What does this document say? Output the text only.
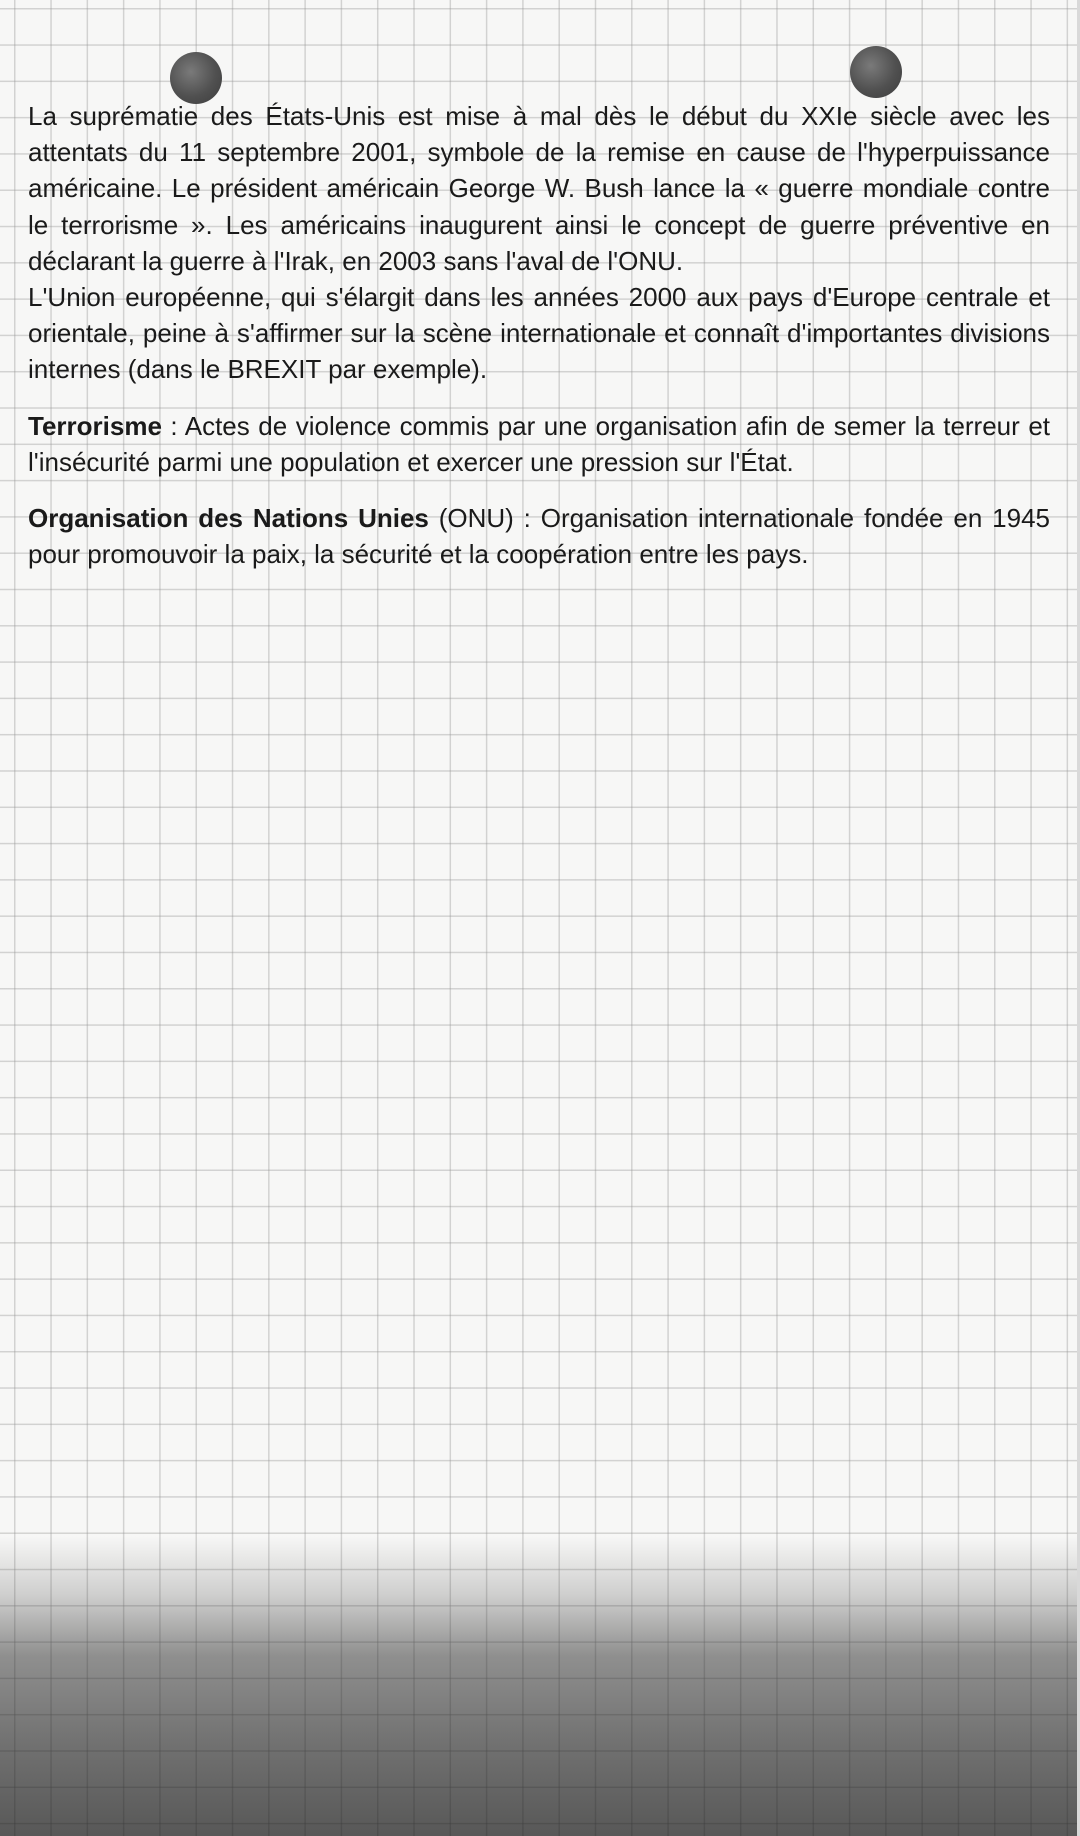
La suprématie des États-Unis est mise à mal dès le début du XXIe siècle avec les attentats du 11 septembre 2001, symbole de la remise en cause de l'hyperpuissance américaine. Le président américain George W. Bush lance la « guerre mondiale contre le terrorisme ». Les américains inaugurent ainsi le concept de guerre préventive en déclarant la guerre à l'Irak, en 2003 sans l'aval de l'ONU.

L'Union européenne, qui s'élargit dans les années 2000 aux pays d'Europe centrale et orientale, peine à s'affirmer sur la scène internationale et connaît d'importantes divisions internes (dans le BREXIT par exemple).

Terrorisme : Actes de violence commis par une organisation afin de semer la terreur et l'insécurité parmi une population et exercer une pression sur l'État.

Organisation des Nations Unies (ONU) : Organisation internationale fondée en 1945 pour promouvoir la paix, la sécurité et la coopération entre les pays.
